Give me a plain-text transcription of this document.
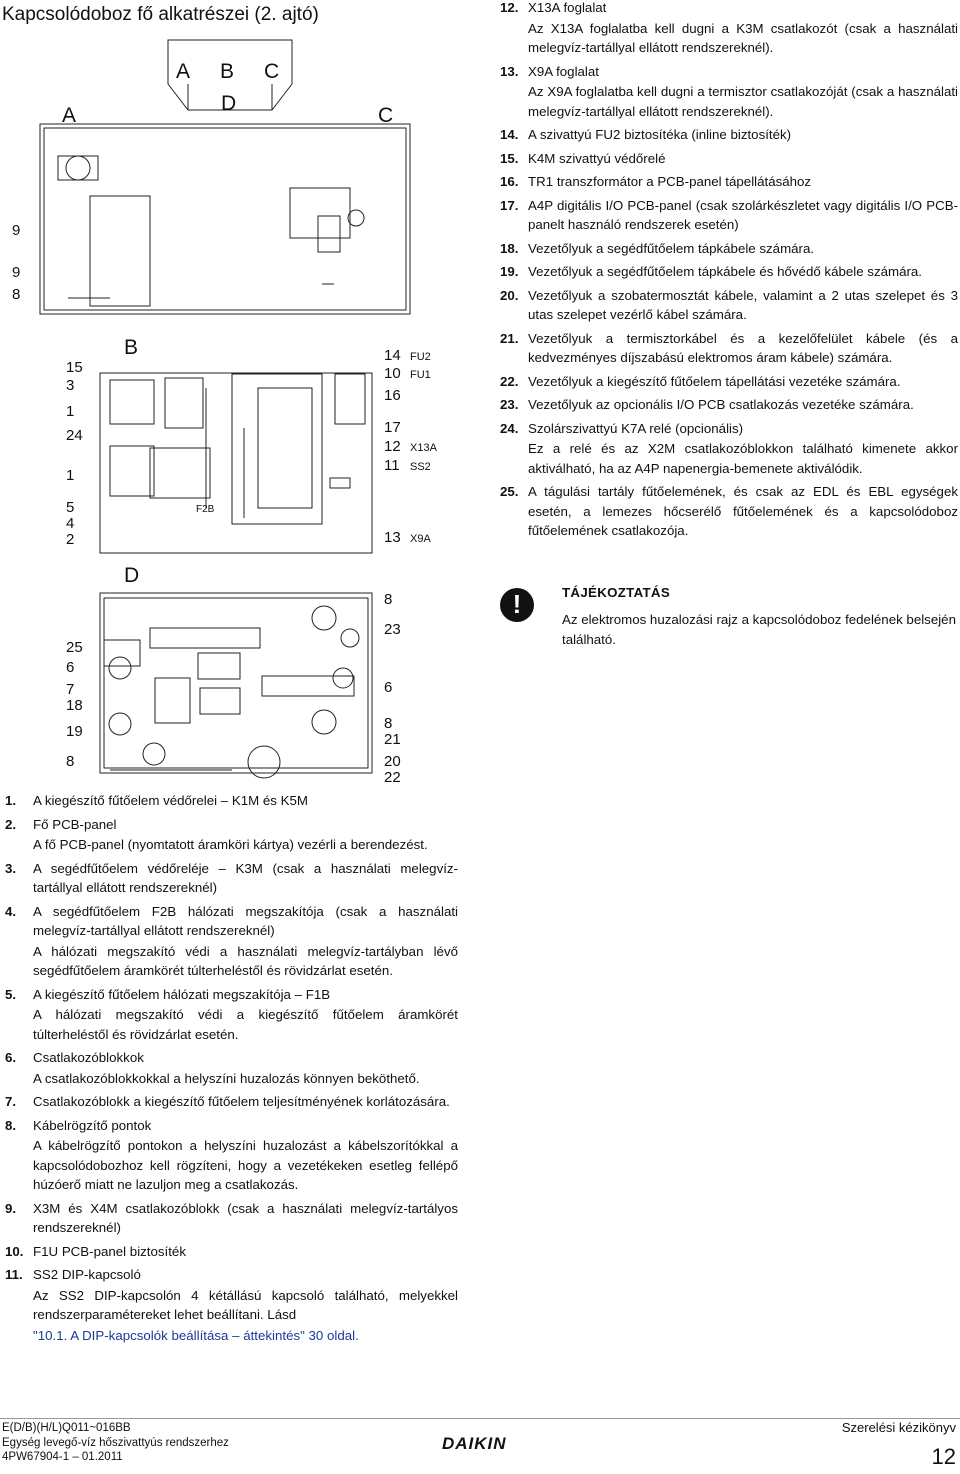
Kapcsolódoboz fő alkatrészei (2. ajtó)
A B C
D
A	C
B
D
9
9
8
15
3
1
24
1
5
4
2
25
6
7
18
19
8
14
10
16
17
12
11
13
8
23
6
8
21
20
22
FU2
FU1
X13A
SS2
X9A
F2B
1. A kiegészítő fűtőelem védőrelei – K1M és K5M

2. Fő PCB-panel

A fő PCB-panel (nyomtatott áramköri kártya) vezérli a berendezést.

3. A segédfűtőelem védőreléje – K3M (csak a használati melegvíz-tartállyal ellátott rendszereknél)

4. A segédfűtőelem F2B hálózati megszakítója (csak a használati melegvíz-tartállyal ellátott rendszereknél)

A hálózati megszakító védi a használati melegvíz-tartályban lévő segédfűtőelem áramkörét túlterheléstől és rövidzárlat esetén.

5. A kiegészítő fűtőelem hálózati megszakítója – F1B

A hálózati megszakító védi a kiegészítő fűtőelem áramkörét túlterheléstől és rövidzárlat esetén.

6. Csatlakozóblokkok

A csatlakozóblokkokkal a helyszíni huzalozás könnyen beköthető.

7. Csatlakozóblokk a kiegészítő fűtőelem teljesítményének korlátozására.

8. Kábelrögzítő pontok

A kábelrögzítő pontokon a helyszíni huzalozást a kábelszorítókkal a kapcsolódobozhoz kell rögzíteni, hogy a vezetékeken esetleg fellépő húzóerő miatt ne lazuljon meg a csatlakozás.

9. X3M és X4M csatlakozóblokk (csak a használati melegvíz-tartályos rendszereknél)

10. F1U PCB-panel biztosíték

11. SS2 DIP-kapcsoló

Az SS2 DIP-kapcsolón 4 kétállású kapcsoló található, melyekkel rendszerparamétereket lehet beállítani. Lásd

"10.1. A DIP-kapcsolók beállítása – áttekintés" 30 oldal.

12. X13A foglalat

Az X13A foglalatba kell dugni a K3M csatlakozót (csak a használati melegvíz-tartállyal ellátott rendszereknél).

13. X9A foglalat

Az X9A foglalatba kell dugni a termisztor csatlakozóját (csak a használati melegvíz-tartállyal ellátott rendszereknél).

14. A szivattyú FU2 biztosítéka (inline biztosíték)

15. K4M szivattyú védőrelé

16. TR1 transzformátor a PCB-panel tápellátásához

17. A4P digitális I/O PCB-panel (csak szolárkészletet vagy digitális I/O PCB-panelt használó rendszerek esetén)

18. Vezetőlyuk a segédfűtőelem tápkábele számára.

19. Vezetőlyuk a segédfűtőelem tápkábele és hővédő kábele számára.

20. Vezetőlyuk a szobatermosztát kábele, valamint a 2 utas szelepet és 3 utas szelepet vezérlő kábel számára.

21. Vezetőlyuk a termisztorkábel és a kezelőfelület kábele (és a kedvezményes díjszabású elektromos áram kábele) számára.

22. Vezetőlyuk a kiegészítő fűtőelem tápellátási vezetéke számára.

23. Vezetőlyuk az opcionális I/O PCB csatlakozás vezetéke számára.

24. Szolárszivattyú K7A relé (opcionális)

Ez a relé és az X2M csatlakozóblokkon található kimenete akkor aktiválható, ha az A4P napenergia-bemenete aktiválódik.

25. A tágulási tartály fűtőelemének, és csak az EDL és EBL egységek esetén, a lemezes hőcserélő fűtőelemének és a kapcsolódoboz fűtőelemének csatlakozója.

!
TÁJÉKOZTATÁS
Az elektromos huzalozási rajz a kapcsolódoboz fedelének belsején található.
E(D/B)(H/L)Q011~016BB
Egység levegő-víz hőszivattyús rendszerhez
4PW67904-1 – 01.2011
DAIKIN
Szerelési kézikönyv
12
